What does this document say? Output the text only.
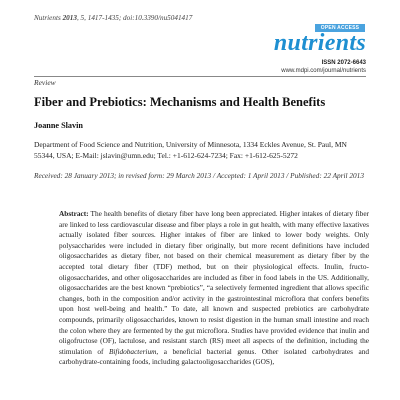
Nutrients 2013, 5, 1417-1435; doi:10.3390/nu5041417
OPEN ACCESS
nutrients
ISSN 2072-6643
www.mdpi.com/journal/nutrients
Review
Fiber and Prebiotics: Mechanisms and Health Benefits
Joanne Slavin
Department of Food Science and Nutrition, University of Minnesota, 1334 Eckles Avenue, St. Paul, MN 55344, USA; E-Mail: jslavin@umn.edu; Tel.: +1-612-624-7234; Fax: +1-612-625-5272
Received: 28 January 2013; in revised form: 29 March 2013 / Accepted: 1 April 2013 / Published: 22 April 2013
Abstract: The health benefits of dietary fiber have long been appreciated. Higher intakes of dietary fiber are linked to less cardiovascular disease and fiber plays a role in gut health, with many effective laxatives actually isolated fiber sources. Higher intakes of fiber are linked to lower body weights. Only polysaccharides were included in dietary fiber originally, but more recent definitions have included oligosaccharides as dietary fiber, not based on their chemical measurement as dietary fiber by the accepted total dietary fiber (TDF) method, but on their physiological effects. Inulin, fructo-oligosaccharides, and other oligosaccharides are included as fiber in food labels in the US. Additionally, oligosaccharides are the best known “prebiotics”, “a selectively fermented ingredient that allows specific changes, both in the composition and/or activity in the gastrointestinal microflora that confers benefits upon host well-being and health.” To date, all known and suspected prebiotics are carbohydrate compounds, primarily oligosaccharides, known to resist digestion in the human small intestine and reach the colon where they are fermented by the gut microflora. Studies have provided evidence that inulin and oligofructose (OF), lactulose, and resistant starch (RS) meet all aspects of the definition, including the stimulation of Bifidobacterium, a beneficial bacterial genus. Other isolated carbohydrates and carbohydrate-containing foods, including galactooligosaccharides (GOS),
